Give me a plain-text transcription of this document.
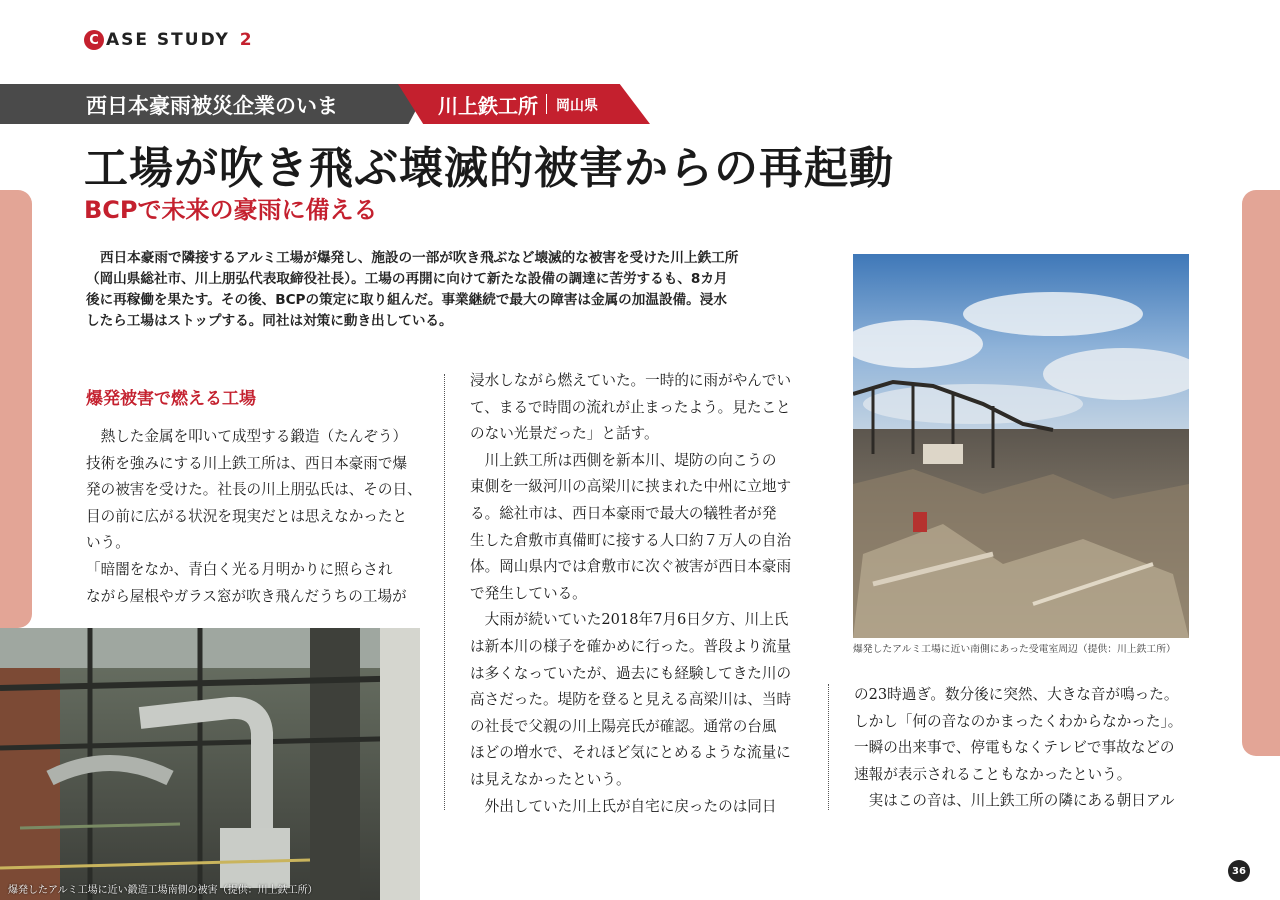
C ASE STUDY 2
西日本豪雨被災企業のいま	川上鉄工所 岡山県
工場が吹き飛ぶ壊滅的被害からの再起動
BCPで未来の豪雨に備える

西日本豪雨で隣接するアルミ工場が爆発し、施設の一部が吹き飛ぶなど壊滅的な被害を受けた川上鉄工所
（岡山県総社市、川上朋弘代表取締役社長）。工場の再開に向けて新たな設備の調達に苦労するも、8カ月
後に再稼働を果たす。その後、BCPの策定に取り組んだ。事業継続で最大の障害は金属の加温設備。浸水
したら工場はストップする。同社は対策に動き出している。

爆発被害で燃える工場
　熱した金属を叩いて成型する鍛造（たんぞう）
技術を強みにする川上鉄工所は、西日本豪雨で爆
発の被害を受けた。社長の川上朋弘氏は、その日、
目の前に広がる状況を現実だとは思えなかったと
いう。
「暗闇をなか、青白く光る月明かりに照らされ
ながら屋根やガラス窓が吹き飛んだうちの工場が
浸水しながら燃えていた。一時的に雨がやんでい
て、まるで時間の流れが止まったよう。見たこと
のない光景だった」と話す。
　川上鉄工所は西側を新本川、堤防の向こうの
東側を一級河川の高梁川に挟まれた中州に立地す
る。総社市は、西日本豪雨で最大の犠牲者が発
生した倉敷市真備町に接する人口約７万人の自治
体。岡山県内では倉敷市に次ぐ被害が西日本豪雨
で発生している。
　大雨が続いていた2018年7月6日夕方、川上氏
は新本川の様子を確かめに行った。普段より流量
は多くなっていたが、過去にも経験してきた川の
高さだった。堤防を登ると見える高梁川は、当時
の社長で父親の川上陽亮氏が確認。通常の台風
ほどの増水で、それほど気にとめるような流量に
は見えなかったという。
　外出していた川上氏が自宅に戻ったのは同日
爆発したアルミ工場に近い南側にあった受電室周辺（提供：川上鉄工所）
の23時過ぎ。数分後に突然、大きな音が鳴った。
しかし「何の音なのかまったくわからなかった」。
一瞬の出来事で、停電もなくテレビで事故などの
速報が表示されることもなかったという。
　実はこの音は、川上鉄工所の隣にある朝日アル
爆発したアルミ工場に近い鍛造工場南側の被害（提供：川上鉄工所）
36
